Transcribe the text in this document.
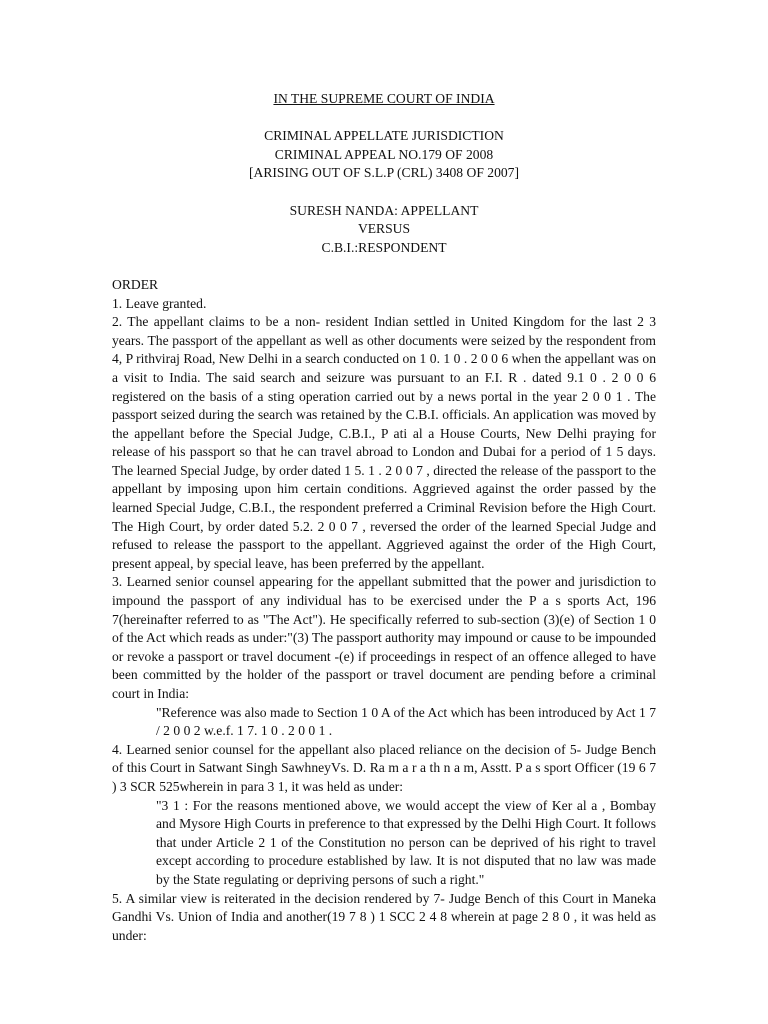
IN THE SUPREME COURT OF INDIA
CRIMINAL APPELLATE JURISDICTION
CRIMINAL APPEAL NO.179 OF 2008
[ARISING OUT OF S.L.P (CRL) 3408 OF 2007]
SURESH NANDA: APPELLANT
VERSUS
C.B.I.:RESPONDENT

ORDER

1. Leave granted.

2. The appellant claims to be a non- resident Indian settled in United Kingdom for the last 2 3 years. The passport of the appellant as well as other documents were seized by the respondent from 4, P rithviraj Road, New Delhi in a search conducted on 1 0. 1 0 . 2 0 0 6 when the appellant was on a visit to India. The said search and seizure was pursuant to an F.I. R . dated 9.1 0 . 2 0 0 6 registered on the basis of a sting operation carried out by a news portal in the year 2 0 0 1 . The passport seized during the search was retained by the C.B.I. officials. An application was moved by the appellant before the Special Judge, C.B.I., P ati al a House Courts, New Delhi praying for release of his passport so that he can travel abroad to London and Dubai for a period of 1 5 days. The learned Special Judge, by order dated 1 5. 1 . 2 0 0 7 , directed the release of the passport to the appellant by imposing upon him certain conditions. Aggrieved against the order passed by the learned Special Judge, C.B.I., the respondent preferred a Criminal Revision before the High Court. The High Court, by order dated 5.2. 2 0 0 7 , reversed the order of the learned Special Judge and refused to release the passport to the appellant. Aggrieved against the order of the High Court, present appeal, by special leave, has been preferred by the appellant.

3. Learned senior counsel appearing for the appellant submitted that the power and jurisdiction to impound the passport of any individual has to be exercised under the P a s sports Act, 196 7(hereinafter referred to as "The Act"). He specifically referred to sub-section (3)(e) of Section 1 0 of the Act which reads as under:"(3) The passport authority may impound or cause to be impounded or revoke a passport or travel document -(e) if proceedings in respect of an offence alleged to have been committed by the holder of the passport or travel document are pending before a criminal court in India:

"Reference was also made to Section 1 0 A of the Act which has been introduced by Act 1 7 / 2 0 0 2 w.e.f. 1 7. 1 0 . 2 0 0 1 .

4. Learned senior counsel for the appellant also placed reliance on the decision of 5- Judge Bench of this Court in Satwant Singh SawhneyVs. D. Ra m a r a th n a m, Asstt. P a s sport Officer (19 6 7 ) 3 SCR 525wherein in para 3 1, it was held as under:

"3 1 : For the reasons mentioned above, we would accept the view of Ker al a , Bombay and Mysore High Courts in preference to that expressed by the Delhi High Court. It follows that under Article 2 1 of the Constitution no person can be deprived of his right to travel except according to procedure established by law. It is not disputed that no law was made by the State regulating or depriving persons of such a right."

5. A similar view is reiterated in the decision rendered by 7- Judge Bench of this Court in Maneka Gandhi Vs. Union of India and another(19 7 8 ) 1 SCC 2 4 8 wherein at page 2 8 0 , it was held as under:
